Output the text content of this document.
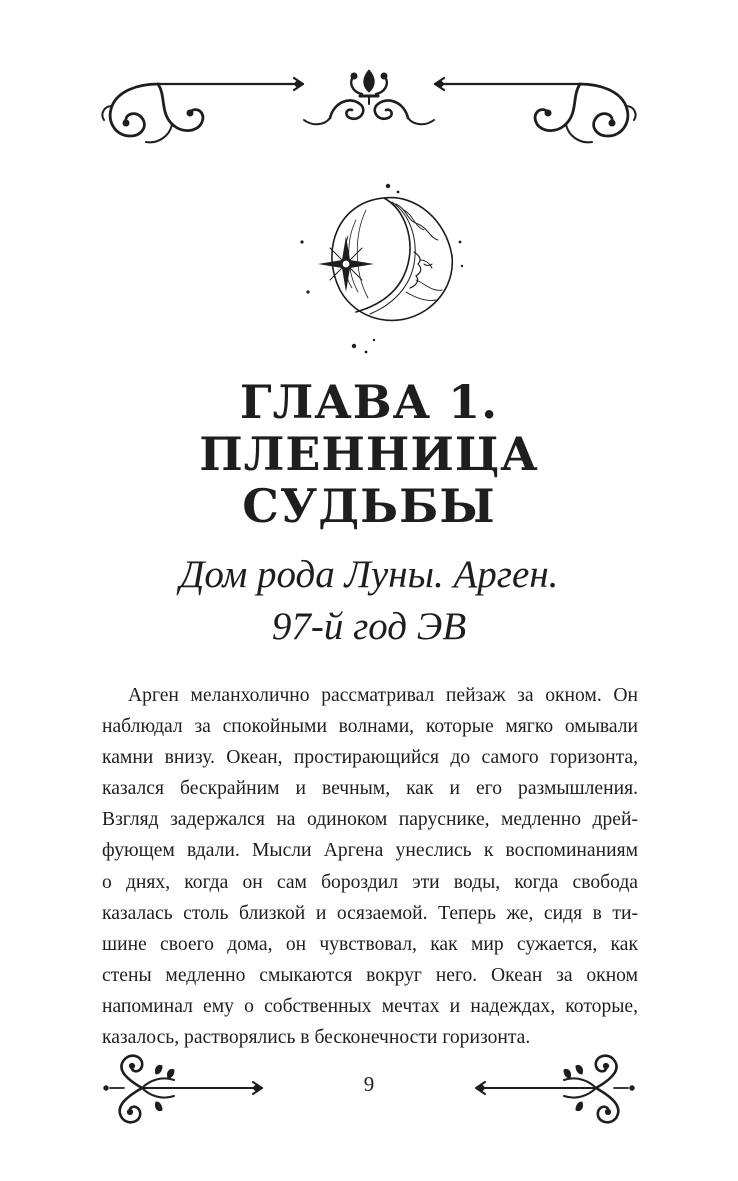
ГЛАВА 1.
ПЛЕННИЦА
СУДЬБЫ

Дом рода Луны. Арген.

97-й год ЭВ

Арген меланхолично рассматривал пейзаж за окном. Он
наблюдал за спокойными волнами, которые мягко омывали
камни внизу. Океан, простирающийся до самого горизонта,
казался бескрайним и вечным, как и его размышления.
Взгляд задержался на одиноком паруснике, медленно дрей-
фующем вдали. Мысли Аргена унеслись к воспоминаниям
о днях, когда он сам бороздил эти воды, когда свобода
казалась столь близкой и осязаемой. Теперь же, сидя в ти-
шине своего дома, он чувствовал, как мир сужается, как
стены медленно смыкаются вокруг него. Океан за окном
напоминал ему о собственных мечтах и надеждах, которые,
казалось, растворялись в бесконечности горизонта.
9
